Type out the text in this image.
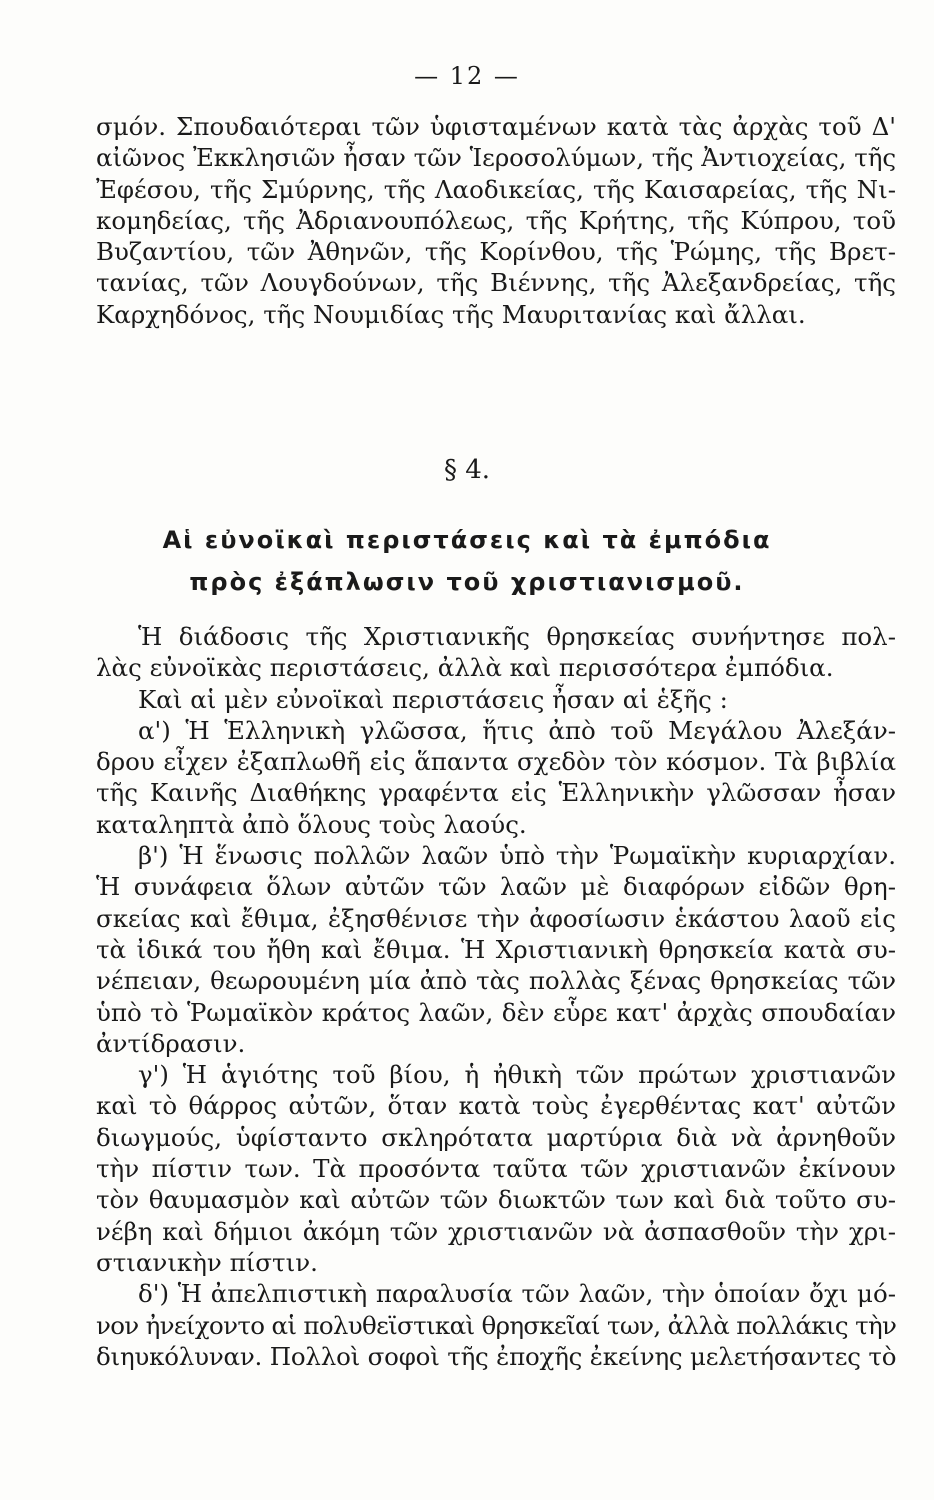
— 12 —
σμόν. Σπουδαιότεραι τῶν ὑφισταμένων κατὰ τὰς ἀρχὰς τοῦ Δ'
αἰῶνος Ἐκκλησιῶν ἦσαν τῶν Ἱεροσολύμων, τῆς Ἀντιοχείας, τῆς
Ἐφέσου, τῆς Σμύρνης, τῆς Λαοδικείας, τῆς Καισαρείας, τῆς Νι-
κομηδείας, τῆς Ἀδριανουπόλεως, τῆς Κρήτης, τῆς Κύπρου, τοῦ
Βυζαντίου, τῶν Ἀθηνῶν, τῆς Κορίνθου, τῆς Ῥώμης, τῆς Βρετ-
τανίας, τῶν Λουγδούνων, τῆς Βιέννης, τῆς Ἀλεξανδρείας, τῆς
Καρχηδόνος, τῆς Νουμιδίας τῆς Μαυριτανίας καὶ ἄλλαι.
§ 4.
Αἱ εὐνοϊκαὶ περιστάσεις καὶ τὰ ἐμπόδια
πρὸς ἐξάπλωσιν τοῦ χριστιανισμοῦ.
Ἡ διάδοσις τῆς Χριστιανικῆς θρησκείας συνήντησε πολ-
λὰς εὐνοϊκὰς περιστάσεις, ἀλλὰ καὶ περισσότερα ἐμπόδια.
Καὶ αἱ μὲν εὐνοϊκαὶ περιστάσεις ἦσαν αἱ ἑξῆς :
α') Ἡ Ἑλληνικὴ γλῶσσα, ἥτις ἀπὸ τοῦ Μεγάλου Ἀλεξάν-
δρου εἶχεν ἐξαπλωθῆ εἰς ἅπαντα σχεδὸν τὸν κόσμον. Τὰ βιβλία
τῆς Καινῆς Διαθήκης γραφέντα εἰς Ἑλληνικὴν γλῶσσαν ἦσαν
καταληπτὰ ἀπὸ ὅλους τοὺς λαούς.
β') Ἡ ἕνωσις πολλῶν λαῶν ὑπὸ τὴν Ῥωμαϊκὴν κυριαρχίαν.
Ἡ συνάφεια ὅλων αὐτῶν τῶν λαῶν μὲ διαφόρων εἰδῶν θρη-
σκείας καὶ ἔθιμα, ἐξησθένισε τὴν ἀφοσίωσιν ἑκάστου λαοῦ εἰς
τὰ ἰδικά του ἤθη καὶ ἔθιμα. Ἡ Χριστιανικὴ θρησκεία κατὰ συ-
νέπειαν, θεωρουμένη μία ἀπὸ τὰς πολλὰς ξένας θρησκείας τῶν
ὑπὸ τὸ Ῥωμαϊκὸν κράτος λαῶν, δὲν εὗρε κατ' ἀρχὰς σπουδαίαν
ἀντίδρασιν.
γ') Ἡ ἁγιότης τοῦ βίου, ἡ ἠθικὴ τῶν πρώτων χριστιανῶν
καὶ τὸ θάρρος αὐτῶν, ὅταν κατὰ τοὺς ἐγερθέντας κατ' αὐτῶν
διωγμούς, ὑφίσταντο σκληρότατα μαρτύρια διὰ νὰ ἀρνηθοῦν
τὴν πίστιν των. Τὰ προσόντα ταῦτα τῶν χριστιανῶν ἐκίνουν
τὸν θαυμασμὸν καὶ αὐτῶν τῶν διωκτῶν των καὶ διὰ τοῦτο συ-
νέβη καὶ δήμιοι ἀκόμη τῶν χριστιανῶν νὰ ἀσπασθοῦν τὴν χρι-
στιανικὴν πίστιν.
δ') Ἡ ἀπελπιστικὴ παραλυσία τῶν λαῶν, τὴν ὁποίαν ὄχι μό-
νον ἠνείχοντο αἱ πολυθεϊστικαὶ θρησκεῖαί των, ἀλλὰ πολλάκις τὴν
διηυκόλυναν. Πολλοὶ σοφοὶ τῆς ἐποχῆς ἐκείνης μελετήσαντες τὸ
